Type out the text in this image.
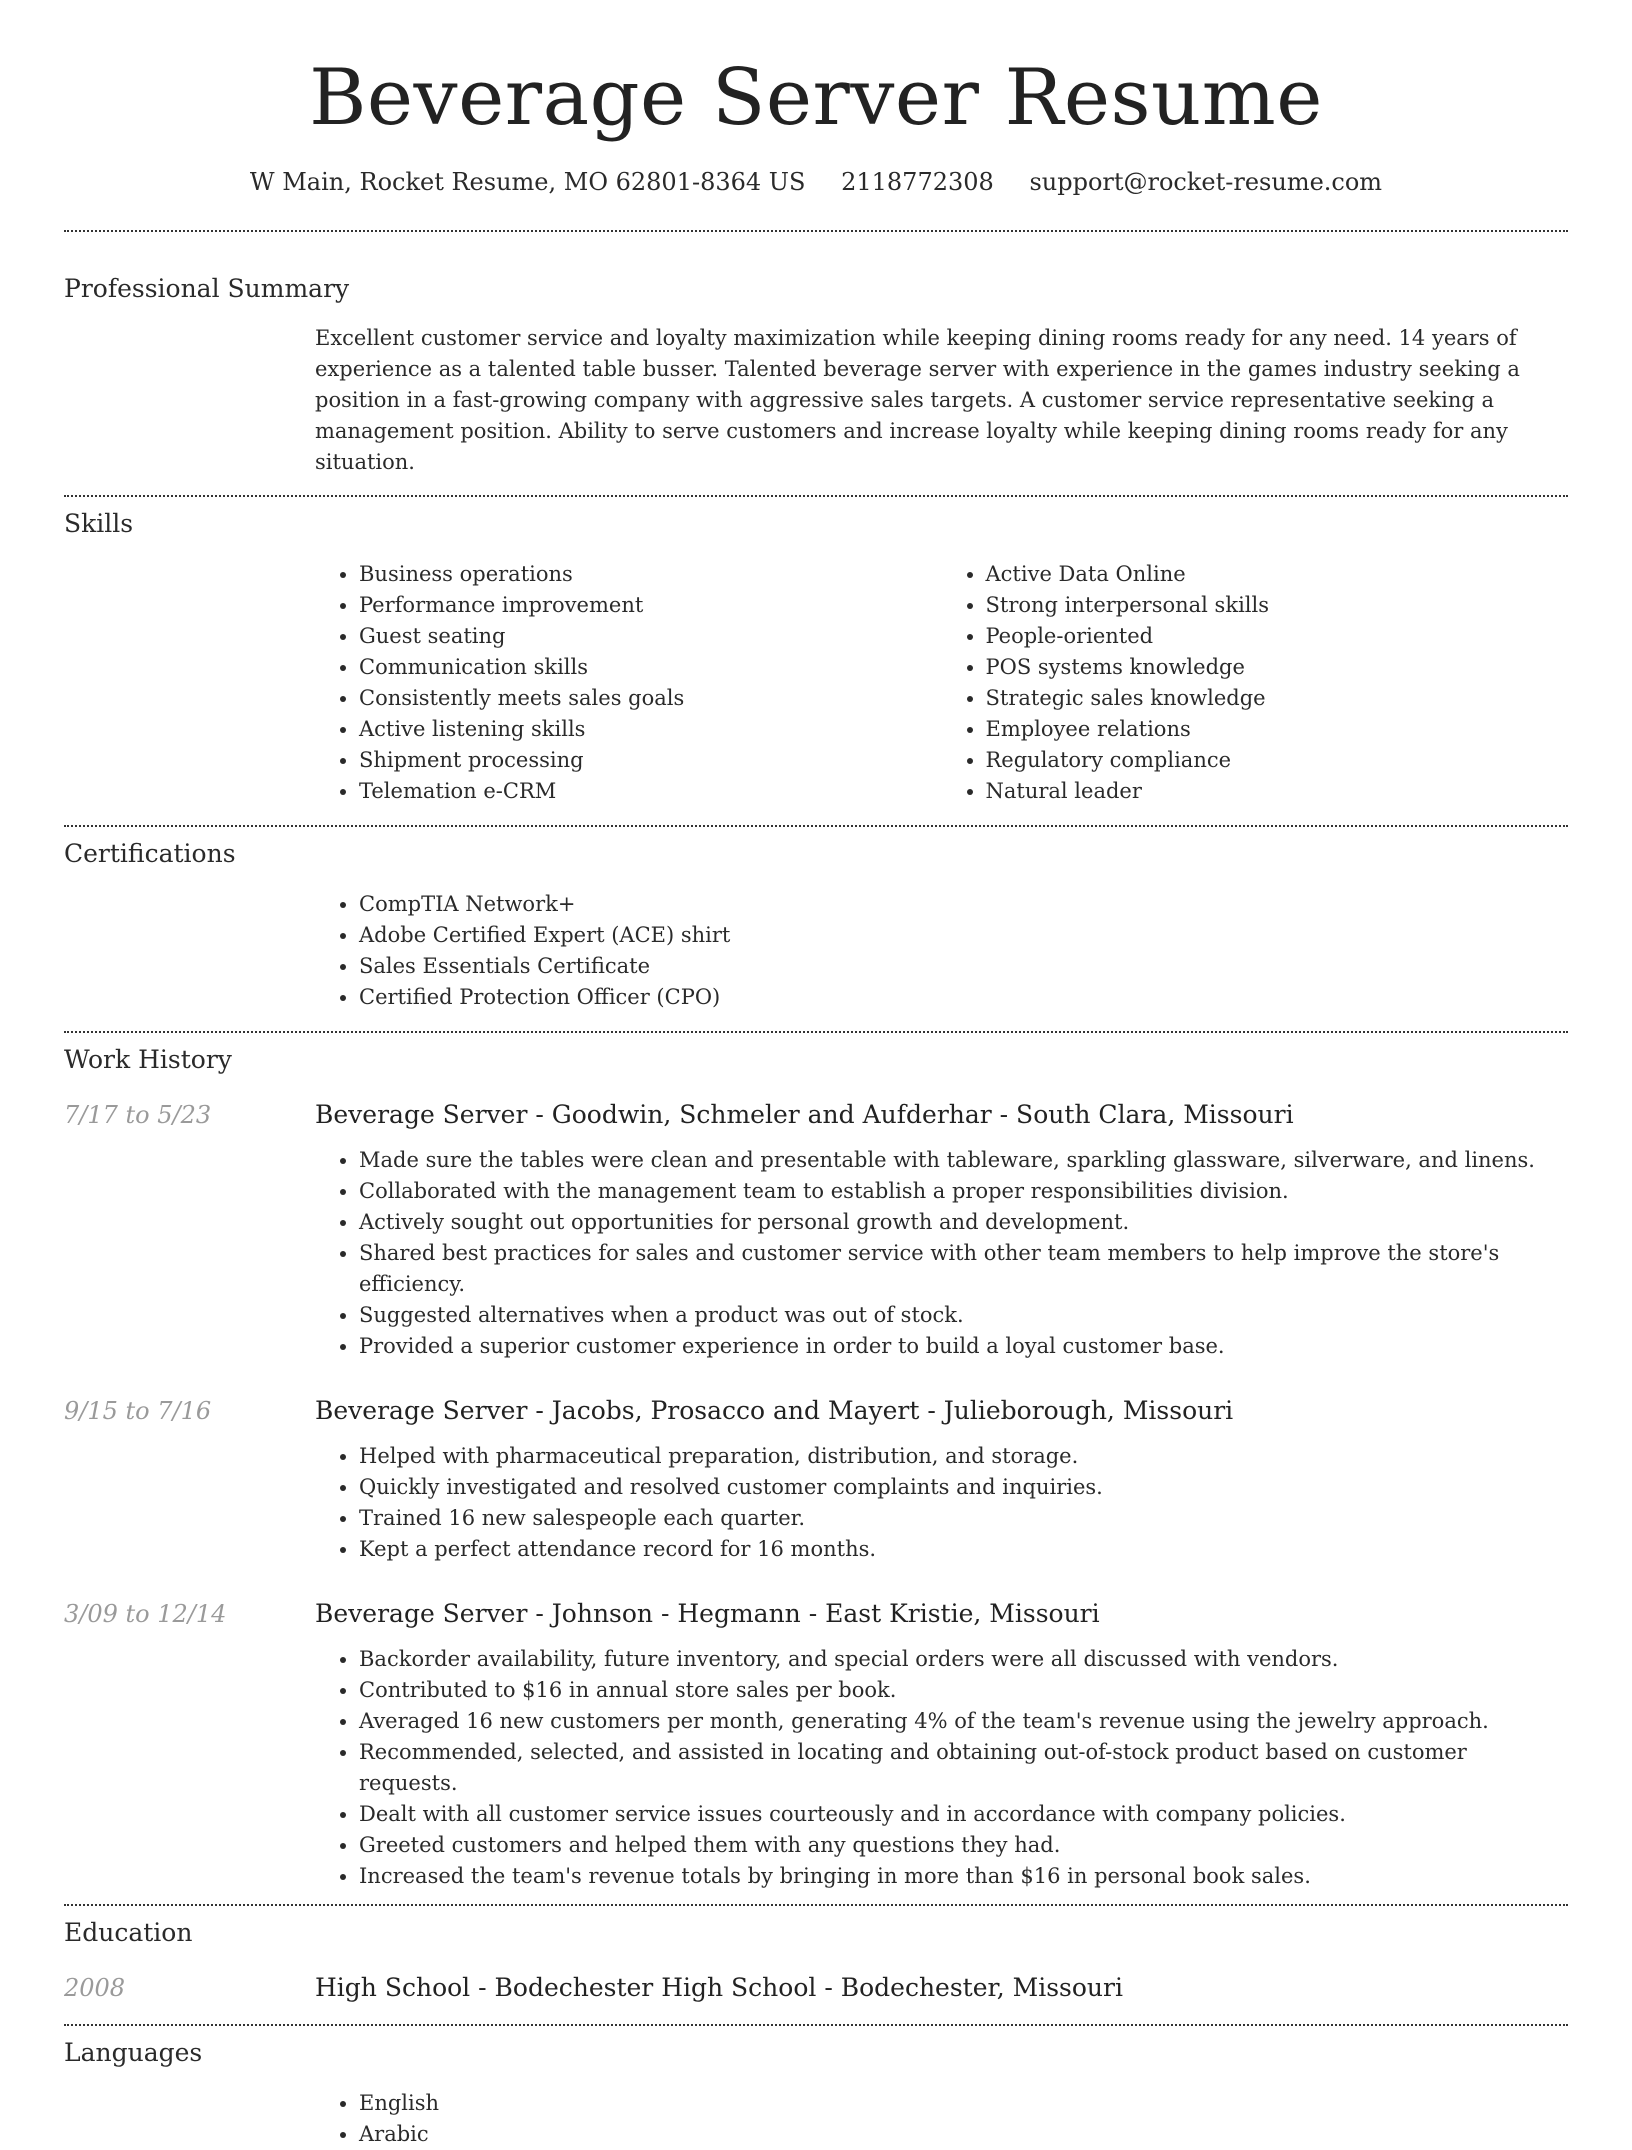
Beverage Server Resume
W Main, Rocket Resume, MO 62801-8364 US 2118772308 support@rocket-resume.com
Professional Summary

Excellent customer service and loyalty maximization while keeping dining rooms ready for any need. 14 years of experience as a talented table busser. Talented beverage server with experience in the games industry seeking a position in a fast-growing company with aggressive sales targets. A customer service representative seeking a management position. Ability to serve customers and increase loyalty while keeping dining rooms ready for any situation.

Skills
• Business operations
• Performance improvement
• Guest seating
• Communication skills
• Consistently meets sales goals
• Active listening skills
• Shipment processing
• Telemation e-CRM
• Active Data Online
• Strong interpersonal skills
• People-oriented
• POS systems knowledge
• Strategic sales knowledge
• Employee relations
• Regulatory compliance
• Natural leader
Certifications
• CompTIA Network+
• Adobe Certified Expert (ACE) shirt
• Sales Essentials Certificate
• Certified Protection Officer (CPO)
Work History
7/17 to 5/23	Beverage Server - Goodwin, Schmeler and Aufderhar - South Clara, Missouri
• Made sure the tables were clean and presentable with tableware, sparkling glassware, silverware, and linens.
• Collaborated with the management team to establish a proper responsibilities division.
• Actively sought out opportunities for personal growth and development.
• Shared best practices for sales and customer service with other team members to help improve the store's efficiency.
• Suggested alternatives when a product was out of stock.
• Provided a superior customer experience in order to build a loyal customer base.
9/15 to 7/16	Beverage Server - Jacobs, Prosacco and Mayert - Julieborough, Missouri
• Helped with pharmaceutical preparation, distribution, and storage.
• Quickly investigated and resolved customer complaints and inquiries.
• Trained 16 new salespeople each quarter.
• Kept a perfect attendance record for 16 months.
3/09 to 12/14	Beverage Server - Johnson - Hegmann - East Kristie, Missouri
• Backorder availability, future inventory, and special orders were all discussed with vendors.
• Contributed to $16 in annual store sales per book.
• Averaged 16 new customers per month, generating 4% of the team's revenue using the jewelry approach.
• Recommended, selected, and assisted in locating and obtaining out-of-stock product based on customer requests.
• Dealt with all customer service issues courteously and in accordance with company policies.
• Greeted customers and helped them with any questions they had.
• Increased the team's revenue totals by bringing in more than $16 in personal book sales.
Education
2008	High School - Bodechester High School - Bodechester, Missouri
Languages
• English
• Arabic
